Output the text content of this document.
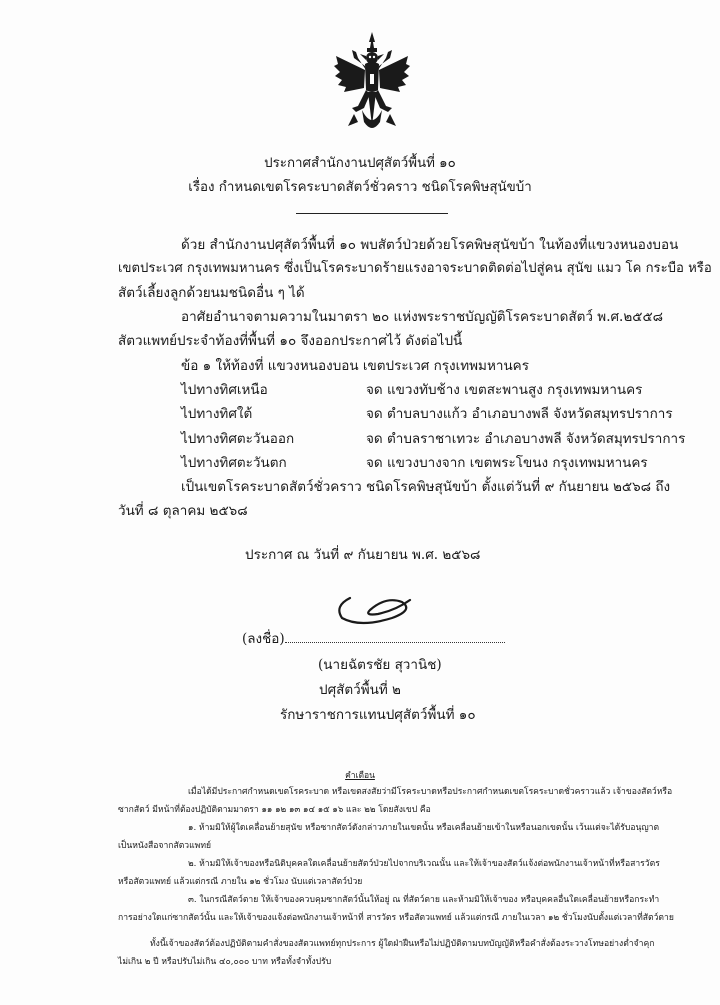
ประกาศสำนักงานปศุสัตว์พื้นที่ ๑๐
เรื่อง กำหนดเขตโรคระบาดสัตว์ชั่วคราว ชนิดโรคพิษสุนัขบ้า
ด้วย สำนักงานปศุสัตว์พื้นที่ ๑๐ พบสัตว์ป่วยด้วยโรคพิษสุนัขบ้า ในท้องที่แขวงหนองบอน
เขตประเวศ กรุงเทพมหานคร ซึ่งเป็นโรคระบาดร้ายแรงอาจระบาดติดต่อไปสู่คน สุนัข แมว โค กระบือ หรือ
สัตว์เลี้ยงลูกด้วยนมชนิดอื่น ๆ ได้
อาศัยอำนาจตามความในมาตรา ๒๐ แห่งพระราชบัญญัติโรคระบาดสัตว์ พ.ศ.๒๕๕๘
สัตวแพทย์ประจำท้องที่พื้นที่ ๑๐ จึงออกประกาศไว้ ดังต่อไปนี้
ข้อ ๑ ให้ท้องที่ แขวงหนองบอน เขตประเวศ กรุงเทพมหานคร
ไปทางทิศเหนือ	จด แขวงทับช้าง เขตสะพานสูง กรุงเทพมหานคร
ไปทางทิศใต้	จด ตำบลบางแก้ว อำเภอบางพลี จังหวัดสมุทรปราการ
ไปทางทิศตะวันออก	จด ตำบลราชาเทวะ อำเภอบางพลี จังหวัดสมุทรปราการ
ไปทางทิศตะวันตก	จด แขวงบางจาก เขตพระโขนง กรุงเทพมหานคร
เป็นเขตโรคระบาดสัตว์ชั่วคราว ชนิดโรคพิษสุนัขบ้า ตั้งแต่วันที่ ๙ กันยายน ๒๕๖๘ ถึง
วันที่ ๘ ตุลาคม ๒๕๖๘
ประกาศ ณ วันที่ ๙ กันยายน พ.ศ. ๒๕๖๘
(ลงชื่อ)
(นายฉัตรชัย สุวานิช)
ปศุสัตว์พื้นที่ ๒
รักษาราชการแทนปศุสัตว์พื้นที่ ๑๐
คำเตือน
เมื่อได้มีประกาศกำหนดเขตโรคระบาด หรือเขตสงสัยว่ามีโรคระบาดหรือประกาศกำหนดเขตโรคระบาดชั่วคราวแล้ว เจ้าของสัตว์หรือ
ซากสัตว์ มีหน้าที่ต้องปฏิบัติตามมาตรา ๑๑ ๑๒ ๑๓ ๑๔ ๑๕ ๑๖ และ ๒๒ โดยสังเขป คือ
๑. ห้ามมิให้ผู้ใดเคลื่อนย้ายสุนัข หรือซากสัตว์ดังกล่าวภายในเขตนั้น หรือเคลื่อนย้ายเข้าในหรือนอกเขตนั้น เว้นแต่จะได้รับอนุญาต
เป็นหนังสือจากสัตวแพทย์
๒. ห้ามมิให้เจ้าของหรือนิติบุคคลใดเคลื่อนย้ายสัตว์ป่วยไปจากบริเวณนั้น และให้เจ้าของสัตว์แจ้งต่อพนักงานเจ้าหน้าที่หรือสารวัตร
หรือสัตวแพทย์ แล้วแต่กรณี ภายใน ๑๒ ชั่วโมง นับแต่เวลาสัตว์ป่วย
๓. ในกรณีสัตว์ตาย ให้เจ้าของควบคุมซากสัตว์นั้นให้อยู่ ณ ที่สัตว์ตาย และห้ามมิให้เจ้าของ หรือบุคคลอื่นใดเคลื่อนย้ายหรือกระทำ
การอย่างใดแก่ซากสัตว์นั้น และให้เจ้าของแจ้งต่อพนักงานเจ้าหน้าที่ สารวัตร หรือสัตวแพทย์ แล้วแต่กรณี ภายในเวลา ๑๒ ชั่วโมงนับตั้งแต่เวลาที่สัตว์ตาย
ทั้งนี้เจ้าของสัตว์ต้องปฏิบัติตามคำสั่งของสัตวแพทย์ทุกประการ ผู้ใดฝ่าฝืนหรือไม่ปฏิบัติตามบทบัญญัติหรือคำสั่งต้องระวางโทษอย่างต่ำจำคุก
ไม่เกิน ๒ ปี หรือปรับไม่เกิน ๔๐,๐๐๐ บาท หรือทั้งจำทั้งปรับ
